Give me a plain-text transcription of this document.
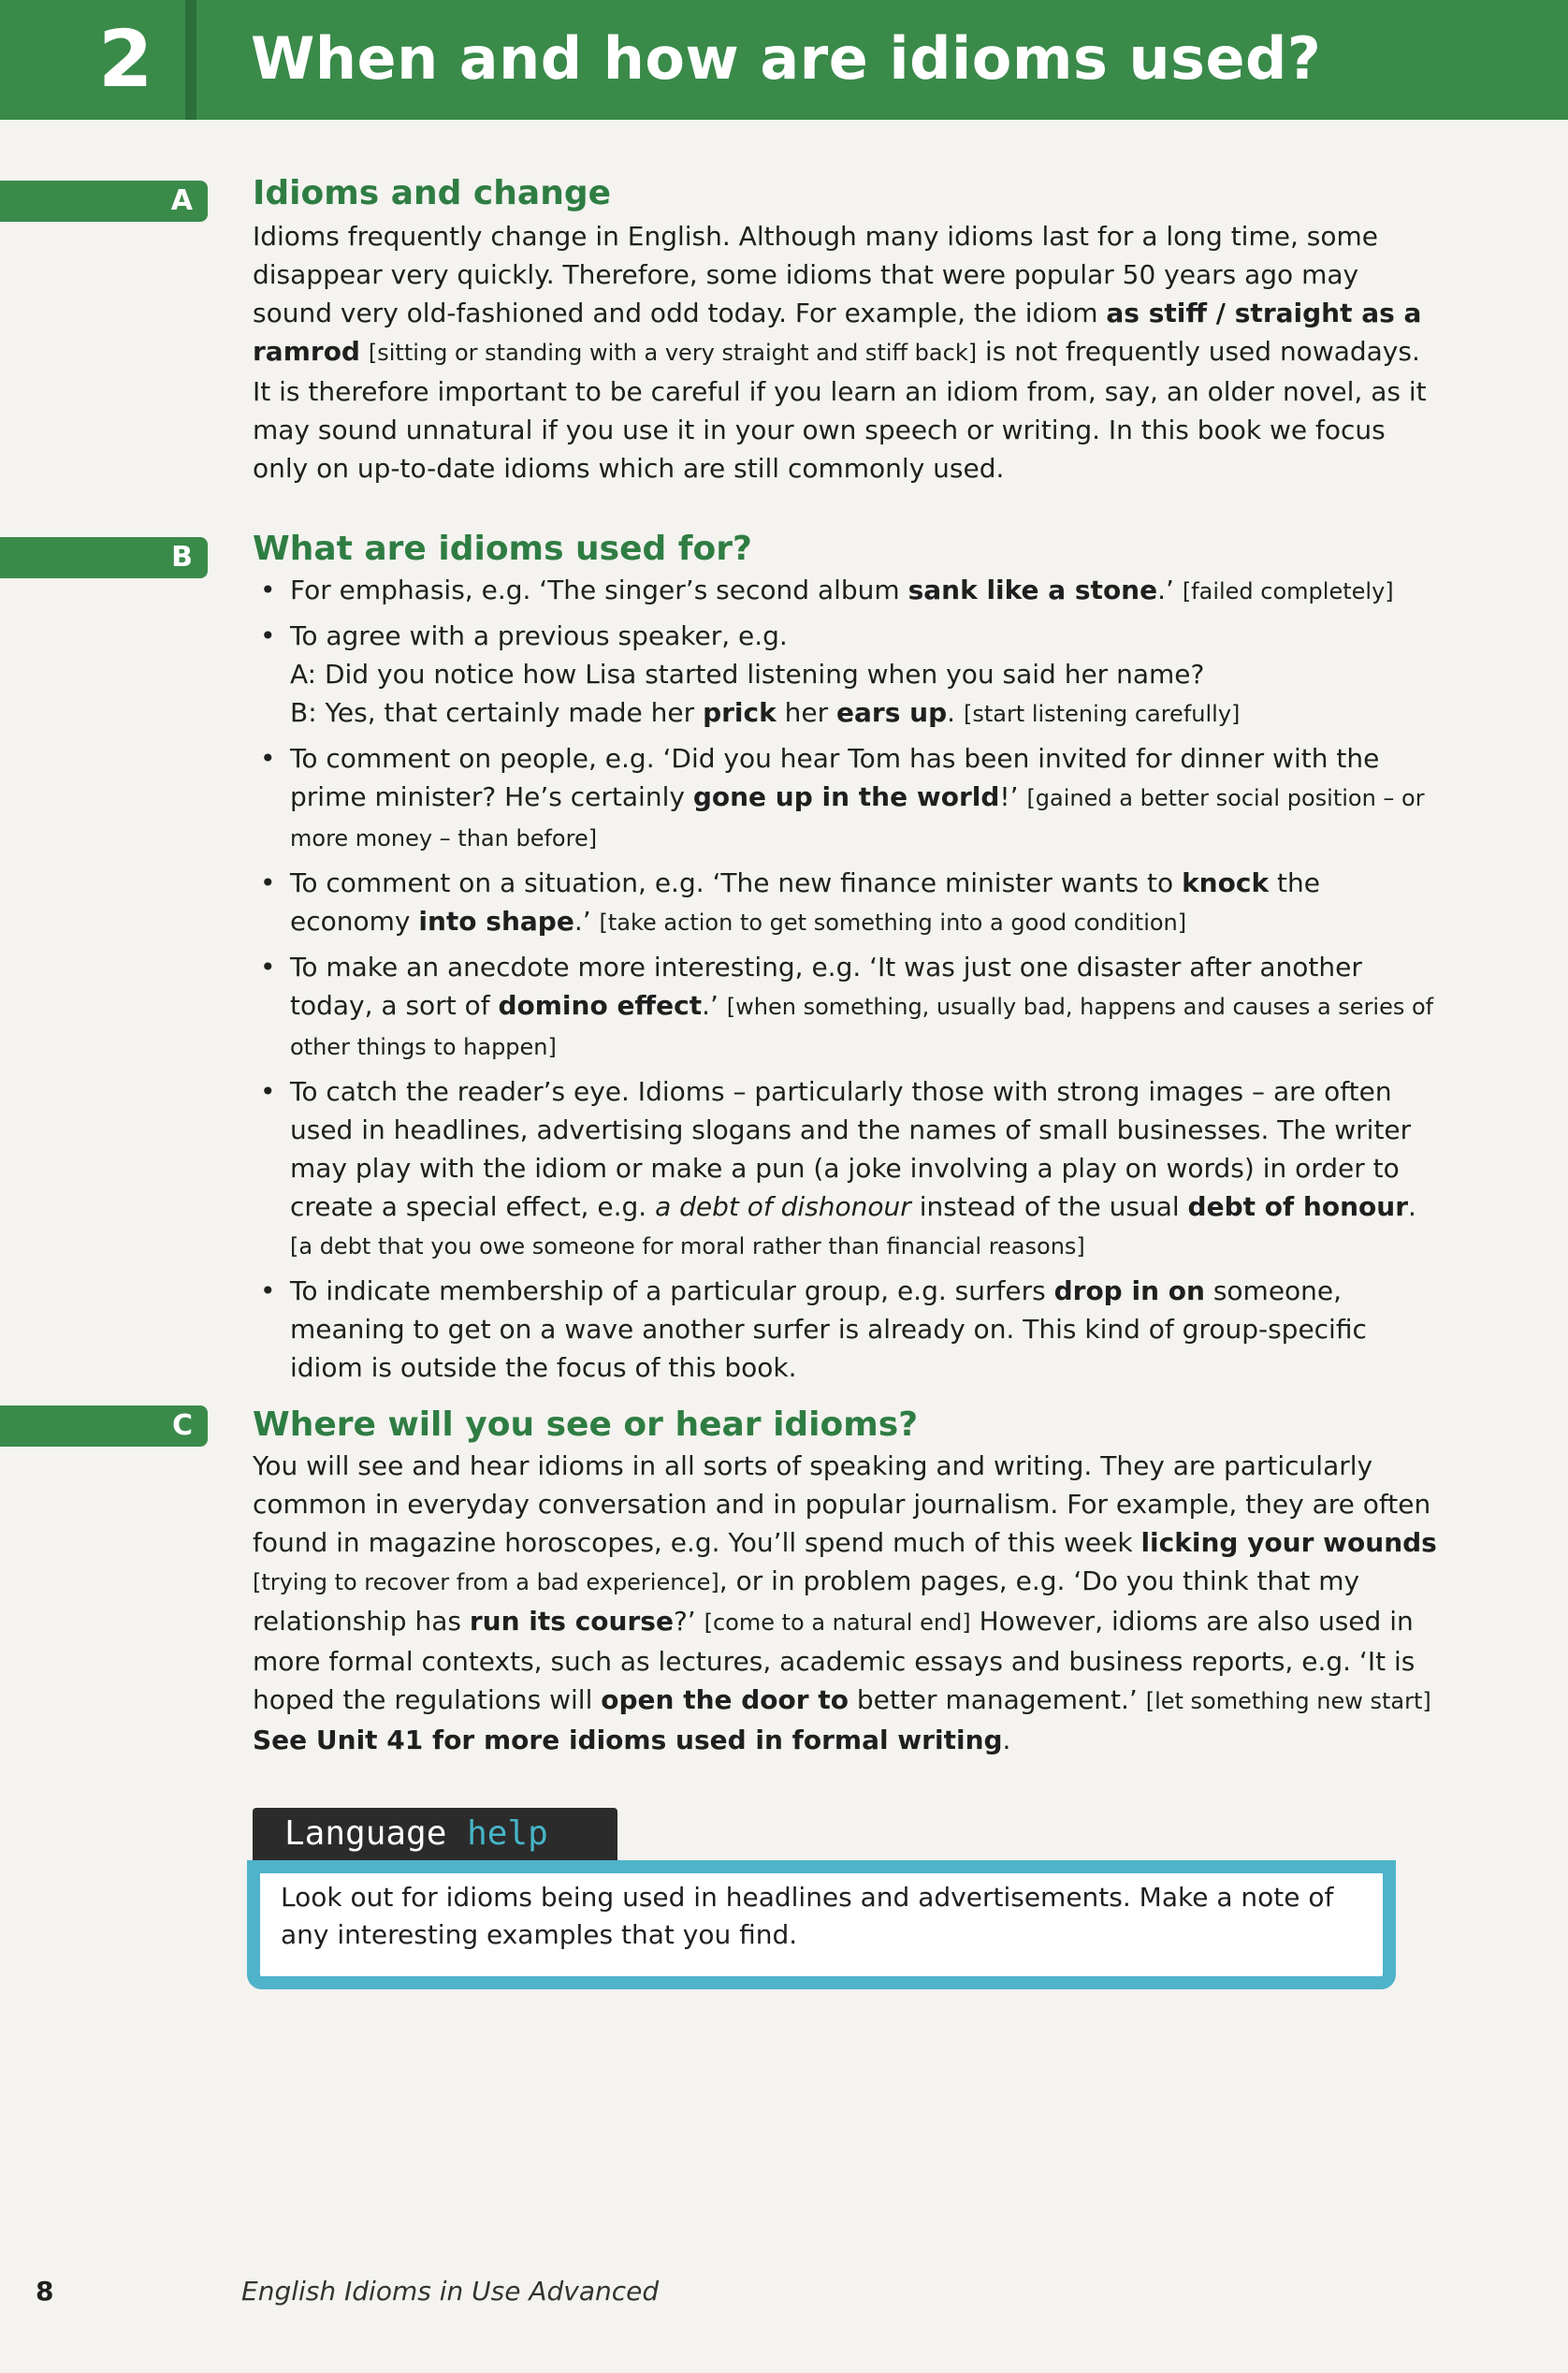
2	When and how are idioms used?
A Idioms and change
Idioms frequently change in English. Although many idioms last for a long time, some disappear very quickly. Therefore, some idioms that were popular 50 years ago may sound very old-fashioned and odd today. For example, the idiom as stiff / straight as a ramrod [sitting or standing with a very straight and stiff back] is not frequently used nowadays. It is therefore important to be careful if you learn an idiom from, say, an older novel, as it may sound unnatural if you use it in your own speech or writing. In this book we focus only on up-to-date idioms which are still commonly used.
B What are idioms used for?
• For emphasis, e.g. ‘The singer’s second album sank like a stone.’ [failed completely]
• To agree with a previous speaker, e.g.
A: Did you notice how Lisa started listening when you said her name?
B: Yes, that certainly made her prick her ears up. [start listening carefully]
• To comment on people, e.g. ‘Did you hear Tom has been invited for dinner with the prime minister? He’s certainly gone up in the world!’ [gained a better social position – or more money – than before]
• To comment on a situation, e.g. ‘The new finance minister wants to knock the economy into shape.’ [take action to get something into a good condition]
• To make an anecdote more interesting, e.g. ‘It was just one disaster after another today, a sort of domino effect.’ [when something, usually bad, happens and causes a series of other things to happen]
• To catch the reader’s eye. Idioms – particularly those with strong images – are often used in headlines, advertising slogans and the names of small businesses. The writer may play with the idiom or make a pun (a joke involving a play on words) in order to create a special effect, e.g. a debt of dishonour instead of the usual debt of honour. [a debt that you owe someone for moral rather than financial reasons]
• To indicate membership of a particular group, e.g. surfers drop in on someone, meaning to get on a wave another surfer is already on. This kind of group-specific idiom is outside the focus of this book.
C Where will you see or hear idioms?
You will see and hear idioms in all sorts of speaking and writing. They are particularly common in everyday conversation and in popular journalism. For example, they are often found in magazine horoscopes, e.g. You’ll spend much of this week licking your wounds [trying to recover from a bad experience], or in problem pages, e.g. ‘Do you think that my relationship has run its course?’ [come to a natural end] However, idioms are also used in more formal contexts, such as lectures, academic essays and business reports, e.g. ‘It is hoped the regulations will open the door to better management.’ [let something new start] See Unit 41 for more idioms used in formal writing.
Language help
Look out for idioms being used in headlines and advertisements. Make a note of any interesting examples that you find.
8	English Idioms in Use Advanced
